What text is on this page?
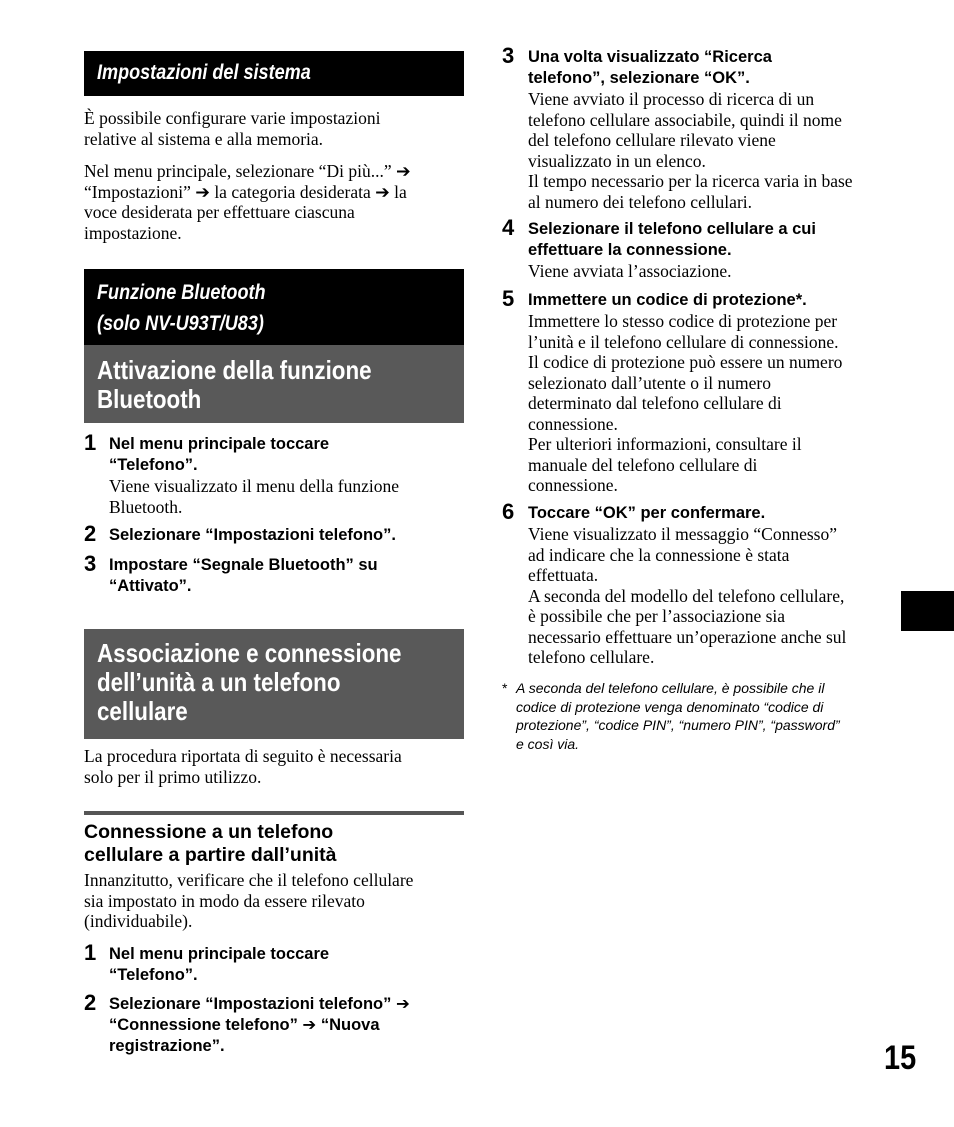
Impostazioni del sistema
È possibile configurare varie impostazioni
relative al sistema e alla memoria.
Nel menu principale, selezionare “Di più...” ➔
“Impostazioni” ➔ la categoria desiderata ➔ la
voce desiderata per effettuare ciascuna
impostazione.
Funzione Bluetooth
(solo NV-U93T/U83)
Attivazione della funzione
Bluetooth
1 Nel menu principale toccare
“Telefono”.
Viene visualizzato il menu della funzione
Bluetooth.
2 Selezionare “Impostazioni telefono”.
3 Impostare “Segnale Bluetooth” su
“Attivato”.
Associazione e connessione
dell’unità a un telefono
cellulare
La procedura riportata di seguito è necessaria
solo per il primo utilizzo.
Connessione a un telefono
cellulare a partire dall’unità
Innanzitutto, verificare che il telefono cellulare
sia impostato in modo da essere rilevato
(individuabile).
1 Nel menu principale toccare
“Telefono”.
2 Selezionare “Impostazioni telefono” ➔
“Connessione telefono” ➔ “Nuova
registrazione”.
3 Una volta visualizzato “Ricerca
telefono”, selezionare “OK”.
Viene avviato il processo di ricerca di un
telefono cellulare associabile, quindi il nome
del telefono cellulare rilevato viene
visualizzato in un elenco.
Il tempo necessario per la ricerca varia in base
al numero dei telefono cellulari.
4 Selezionare il telefono cellulare a cui
effettuare la connessione.
Viene avviata l’associazione.
5 Immettere un codice di protezione*.
Immettere lo stesso codice di protezione per
l’unità e il telefono cellulare di connessione.
Il codice di protezione può essere un numero
selezionato dall’utente o il numero
determinato dal telefono cellulare di
connessione.
Per ulteriori informazioni, consultare il
manuale del telefono cellulare di
connessione.
6 Toccare “OK” per confermare.
Viene visualizzato il messaggio “Connesso”
ad indicare che la connessione è stata
effettuata.
A seconda del modello del telefono cellulare,
è possibile che per l’associazione sia
necessario effettuare un’operazione anche sul
telefono cellulare.
* A seconda del telefono cellulare, è possibile che il
codice di protezione venga denominato “codice di
protezione”, “codice PIN”, “numero PIN”, “password”
e così via.
15
